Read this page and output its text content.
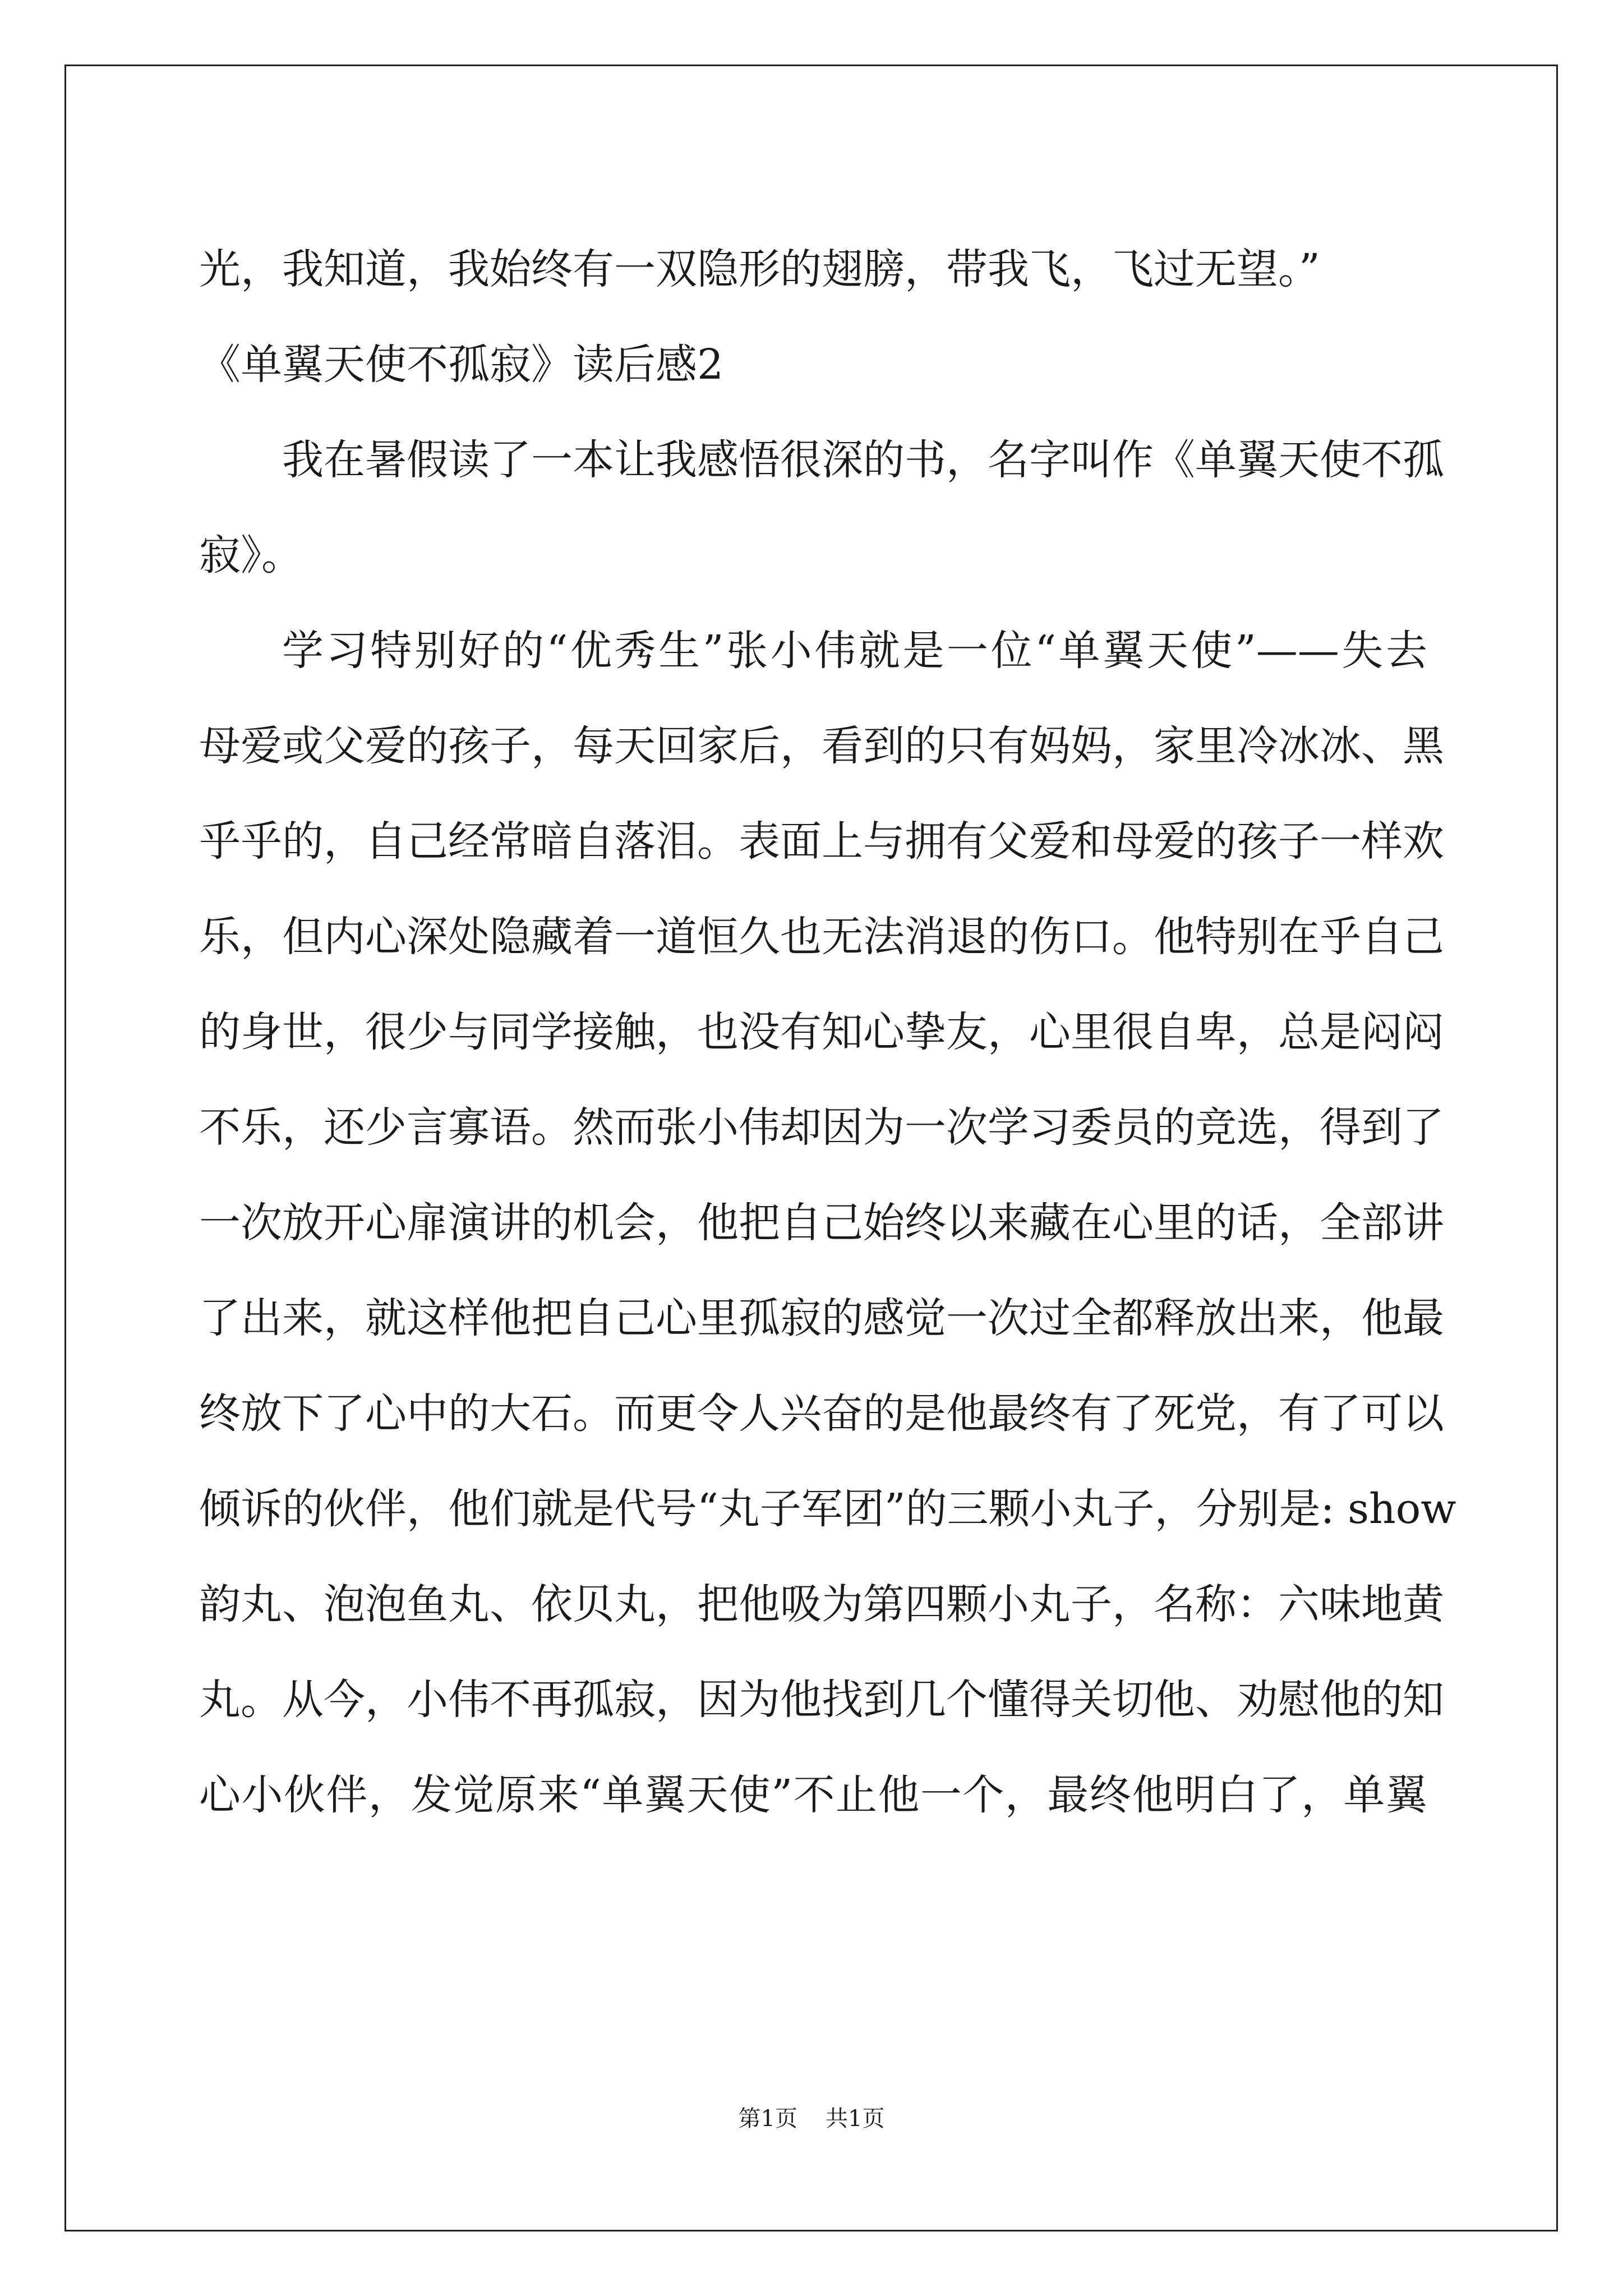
光，我知道，我始终有一双隐形的翅膀，带我飞，飞过无望。”
《单翼天使不孤寂》读后感2
我在暑假读了一本让我感悟很深的书，名字叫作《单翼天使不孤
寂》。
学习特别好的“优秀生”张小伟就是一位“单翼天使”——失去
母爱或父爱的孩子，每天回家后，看到的只有妈妈，家里冷冰冰、黑
乎乎的，自己经常暗自落泪。表面上与拥有父爱和母爱的孩子一样欢
乐，但内心深处隐藏着一道恒久也无法消退的伤口。他特别在乎自己
的身世，很少与同学接触，也没有知心挚友，心里很自卑，总是闷闷
不乐，还少言寡语。然而张小伟却因为一次学习委员的竞选，得到了
一次放开心扉演讲的机会，他把自己始终以来藏在心里的话，全部讲
了出来，就这样他把自己心里孤寂的感觉一次过全都释放出来，他最
终放下了心中的大石。而更令人兴奋的是他最终有了死党，有了可以
倾诉的伙伴，他们就是代号“丸子军团”的三颗小丸子，分别是: show
韵丸、泡泡鱼丸、依贝丸，把他吸为第四颗小丸子，名称：六味地黄
丸。从今，小伟不再孤寂，因为他找到几个懂得关切他、劝慰他的知
心小伙伴，发觉原来“单翼天使”不止他一个，最终他明白了，单翼
第1页 共1页
